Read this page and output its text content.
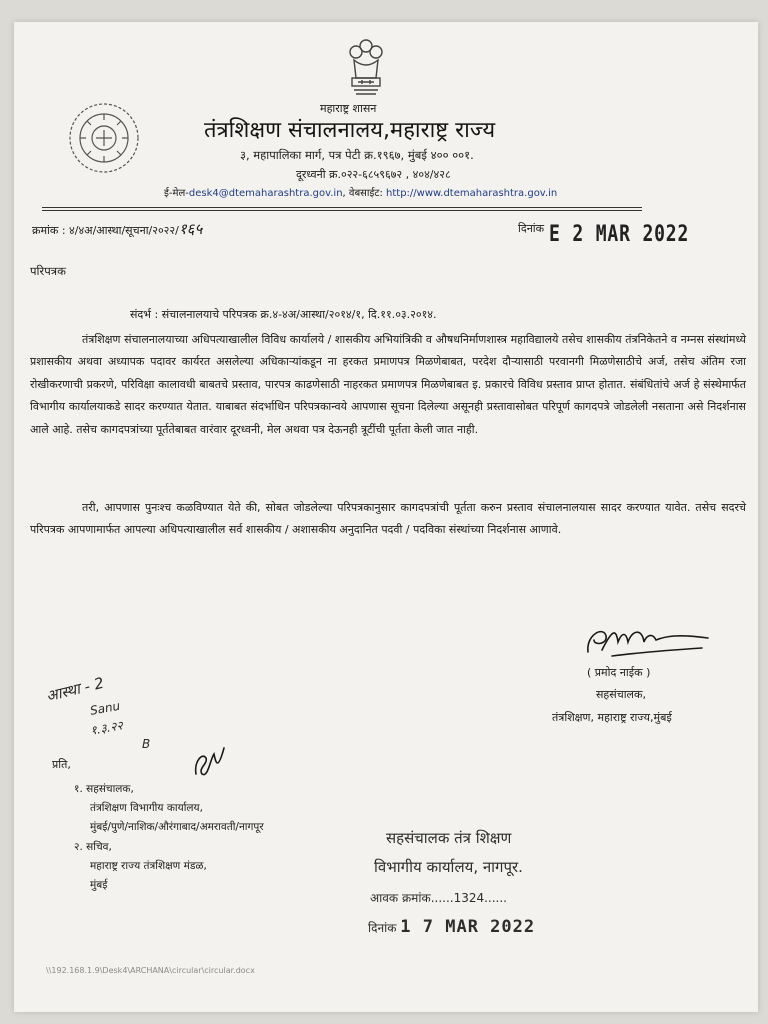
महाराष्ट्र शासन
तंत्रशिक्षण संचालनालय,महाराष्ट्र राज्य
३, महापालिका मार्ग, पत्र पेटी क्र.१९६७, मुंबई ४०० ००१.
दूरध्वनी क्र.०२२-६८५९६७२ , ४०४/४२८
ई-मेल-desk4@dtemaharashtra.gov.in, वेबसाईट: http://www.dtemaharashtra.gov.in
क्रमांक : ४/४अ/आस्था/सूचना/२०२२/१६५	दिनांक E 2 MAR 2022
परिपत्रक
संदर्भ : संचालनालयाचे परिपत्रक क्र.४-४अ/आस्था/२०१४/१, दि.११.०३.२०१४.
तंत्रशिक्षण संचालनालयाच्या अधिपत्याखालील विविध कार्यालये / शासकीय अभियांत्रिकी व औषधनिर्माणशास्त्र महाविद्यालये तसेच शासकीय तंत्रनिकेतने व नम्नस संस्थांमध्ये प्रशासकीय अथवा अध्यापक पदावर कार्यरत असलेल्या अधिकाऱ्यांकडून ना हरकत प्रमाणपत्र मिळणेबाबत, परदेश दौऱ्यासाठी परवानगी मिळणेसाठीचे अर्ज, तसेच अंतिम रजा रोखीकरणाची प्रकरणे, परिविक्षा कालावधी बाबतचे प्रस्ताव, पारपत्र काढणेसाठी नाहरकत प्रमाणपत्र मिळणेबाबत इ. प्रकारचे विविध प्रस्ताव प्राप्त होतात. संबंधितांचे अर्ज हे संस्थेमार्फत विभागीय कार्यालयाकडे सादर करण्यात येतात. याबाबत संदर्भाधिन परिपत्रकान्वये आपणास सूचना दिलेल्या असूनही प्रस्तावासोबत परिपूर्ण कागदपत्रे जोडलेली नसताना असे निदर्शनास आले आहे. तसेच कागदपत्रांच्या पूर्ततेबाबत वारंवार दूरध्वनी, मेल अथवा पत्र देऊनही त्रूटींची पूर्तता केली जात नाही.
तरी, आपणास पुनःश्च कळविण्यात येते की, सोबत जोडलेल्या परिपत्रकानुसार कागदपत्रांची पूर्तता करुन प्रस्ताव संचालनालयास सादर करण्यात यावेत. तसेच सदरचे परिपत्रक आपणामार्फत आपल्या अधिपत्याखालील सर्व शासकीय / अशासकीय अनुदानित पदवी / पदविका संस्थांच्या निदर्शनास आणावे.
( प्रमोद नाईक )
सहसंचालक,
तंत्रशिक्षण, महाराष्ट्र राज्य,मुंबई
आस्था - 2
Sanu
१.३.२२
B
प्रति,
१. सहसंचालक,
तंत्रशिक्षण विभागीय कार्यालय,
मुंबई/पुणे/नाशिक/औरंगाबाद/अमरावती/नागपूर
२. सचिव,
महाराष्ट्र राज्य तंत्रशिक्षण मंडळ,
मुंबई
सहसंचालक तंत्र शिक्षण
विभागीय कार्यालय, नागपूर.
आवक क्रमांक......1324......
दिनांक 1 7 MAR 2022
\\192.168.1.9\Desk4\ARCHANA\circular\circular.docx
